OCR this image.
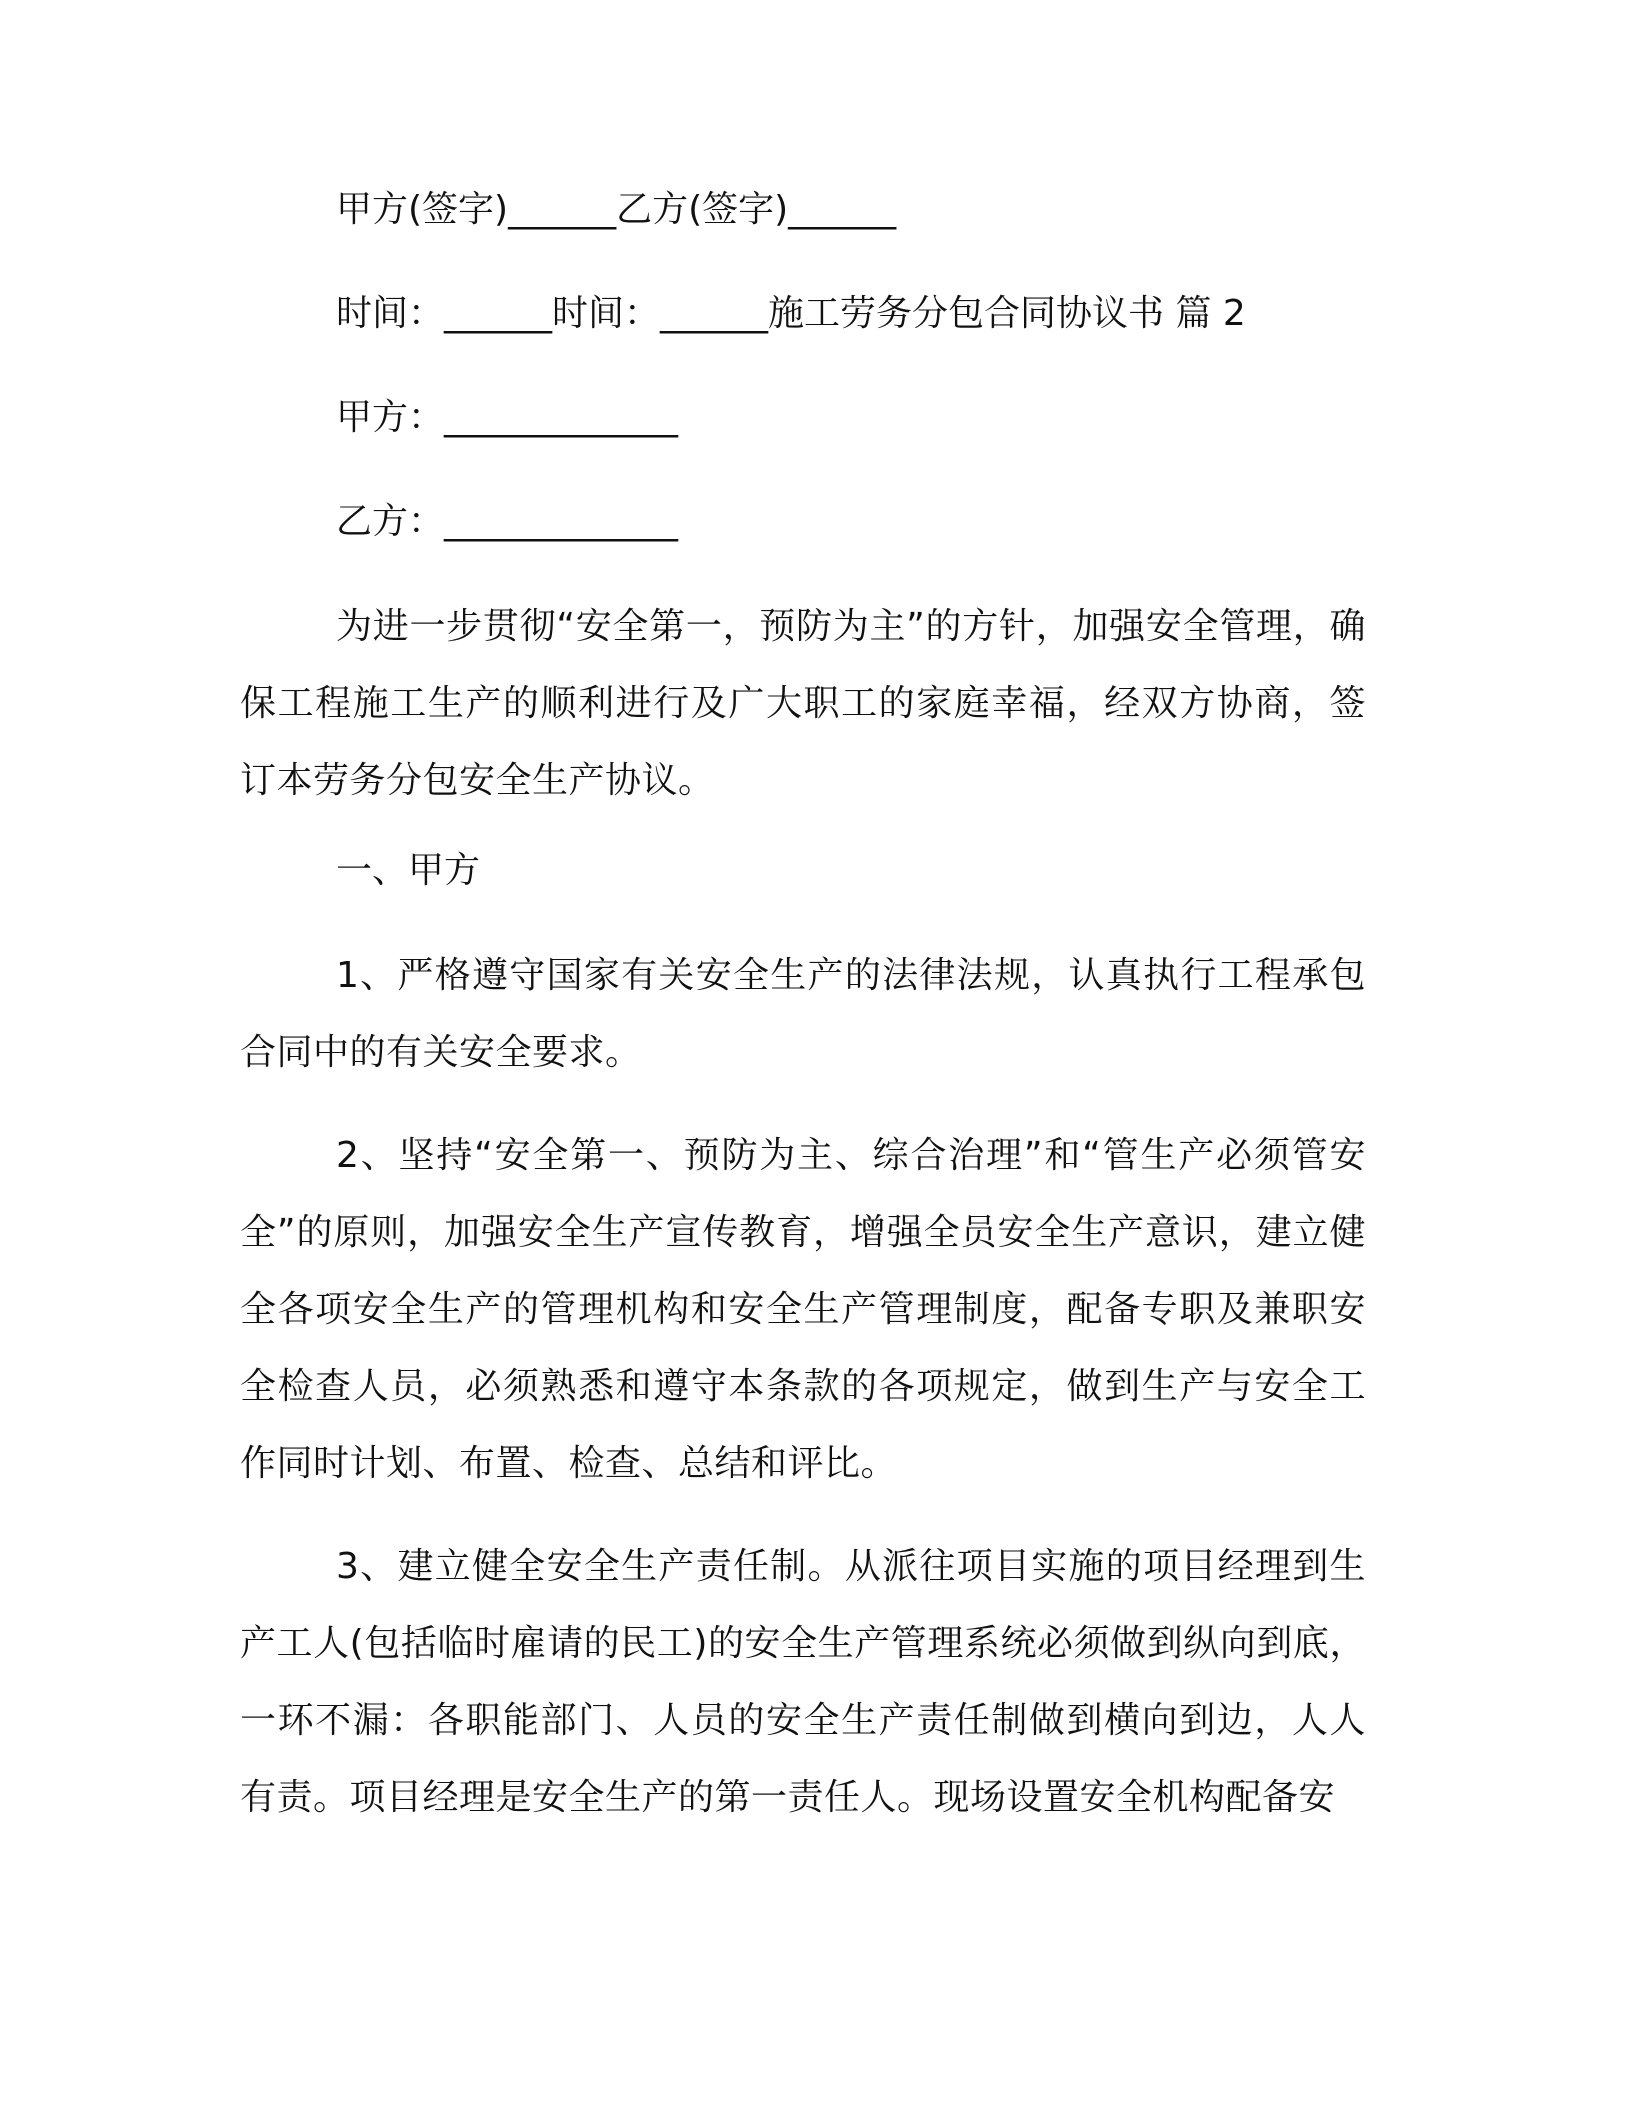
甲方(签字)______乙方(签字)______

时间：______时间：______施工劳务分包合同协议书 篇 2

甲方：_____________

乙方：_____________

为进一步贯彻“安全第一，预防为主”的方针，加强安全管理，确保工程施工生产的顺利进行及广大职工的家庭幸福，经双方协商，签订本劳务分包安全生产协议。

一、甲方

1、严格遵守国家有关安全生产的法律法规，认真执行工程承包合同中的有关安全要求。

2、坚持“安全第一、预防为主、综合治理”和“管生产必须管安全”的原则，加强安全生产宣传教育，增强全员安全生产意识，建立健全各项安全生产的管理机构和安全生产管理制度，配备专职及兼职安全检查人员，必须熟悉和遵守本条款的各项规定，做到生产与安全工作同时计划、布置、检查、总结和评比。

3、建立健全安全生产责任制。从派往项目实施的项目经理到生产工人(包括临时雇请的民工)的安全生产管理系统必须做到纵向到底，一环不漏：各职能部门、人员的安全生产责任制做到横向到边，人人有责。项目经理是安全生产的第一责任人。现场设置安全机构配备安
